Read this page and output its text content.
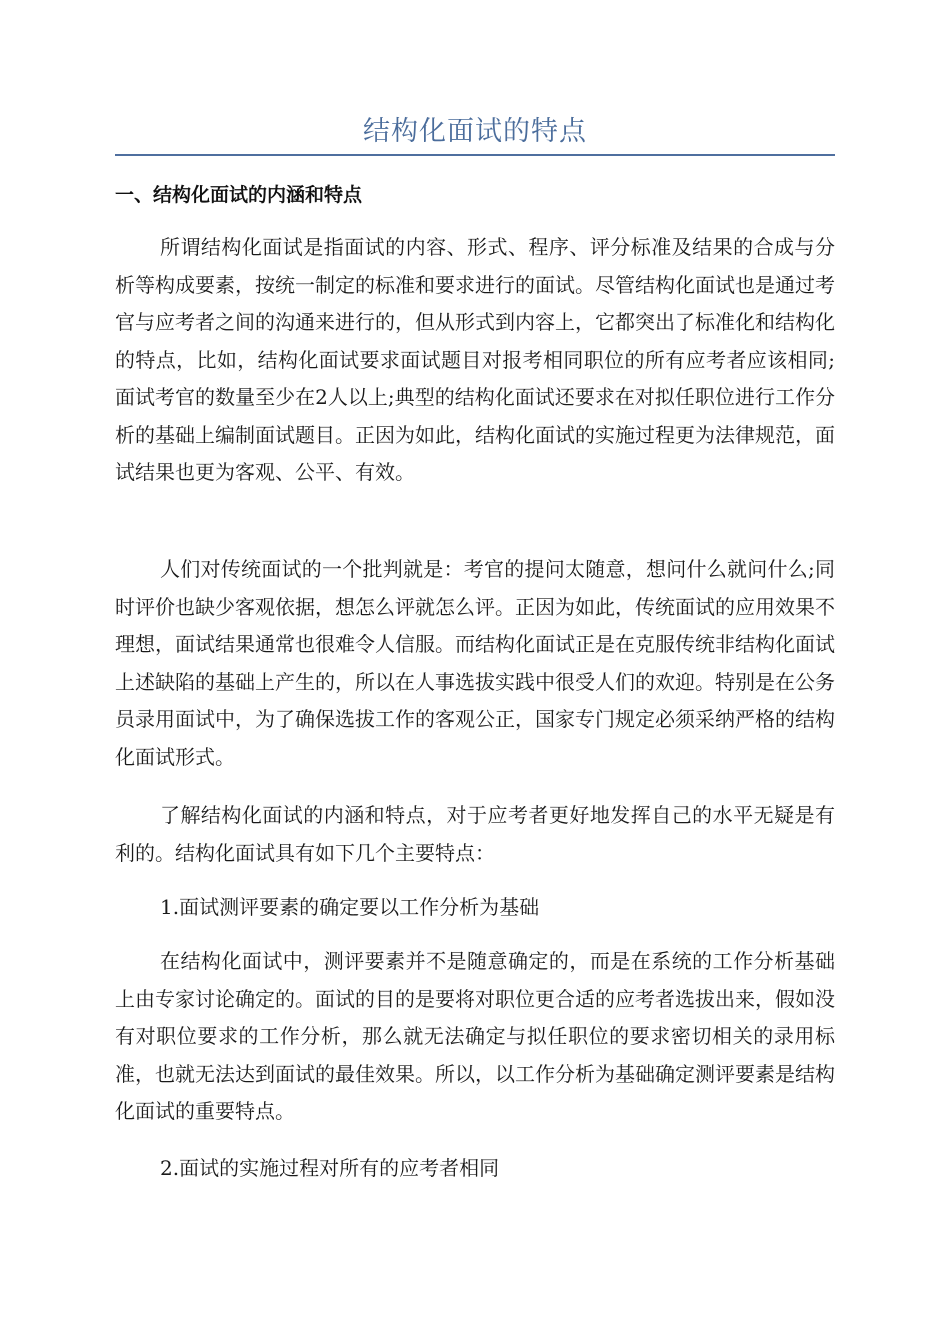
结构化面试的特点
一、结构化面试的内涵和特点

所谓结构化面试是指面试的内容、形式、程序、评分标准及结果的合成与分析等构成要素，按统一制定的标准和要求进行的面试。尽管结构化面试也是通过考官与应考者之间的沟通来进行的，但从形式到内容上，它都突出了标准化和结构化的特点，比如，结构化面试要求面试题目对报考相同职位的所有应考者应该相同;面试考官的数量至少在2人以上;典型的结构化面试还要求在对拟任职位进行工作分析的基础上编制面试题目。正因为如此，结构化面试的实施过程更为法律规范，面试结果也更为客观、公平、有效。

人们对传统面试的一个批判就是：考官的提问太随意，想问什么就问什么;同时评价也缺少客观依据，想怎么评就怎么评。正因为如此，传统面试的应用效果不理想，面试结果通常也很难令人信服。而结构化面试正是在克服传统非结构化面试上述缺陷的基础上产生的，所以在人事选拔实践中很受人们的欢迎。特别是在公务员录用面试中，为了确保选拔工作的客观公正，国家专门规定必须采纳严格的结构化面试形式。

了解结构化面试的内涵和特点，对于应考者更好地发挥自己的水平无疑是有利的。结构化面试具有如下几个主要特点：

1.面试测评要素的确定要以工作分析为基础

在结构化面试中，测评要素并不是随意确定的，而是在系统的工作分析基础上由专家讨论确定的。面试的目的是要将对职位更合适的应考者选拔出来，假如没有对职位要求的工作分析，那么就无法确定与拟任职位的要求密切相关的录用标准，也就无法达到面试的最佳效果。所以，以工作分析为基础确定测评要素是结构化面试的重要特点。

2.面试的实施过程对所有的应考者相同
